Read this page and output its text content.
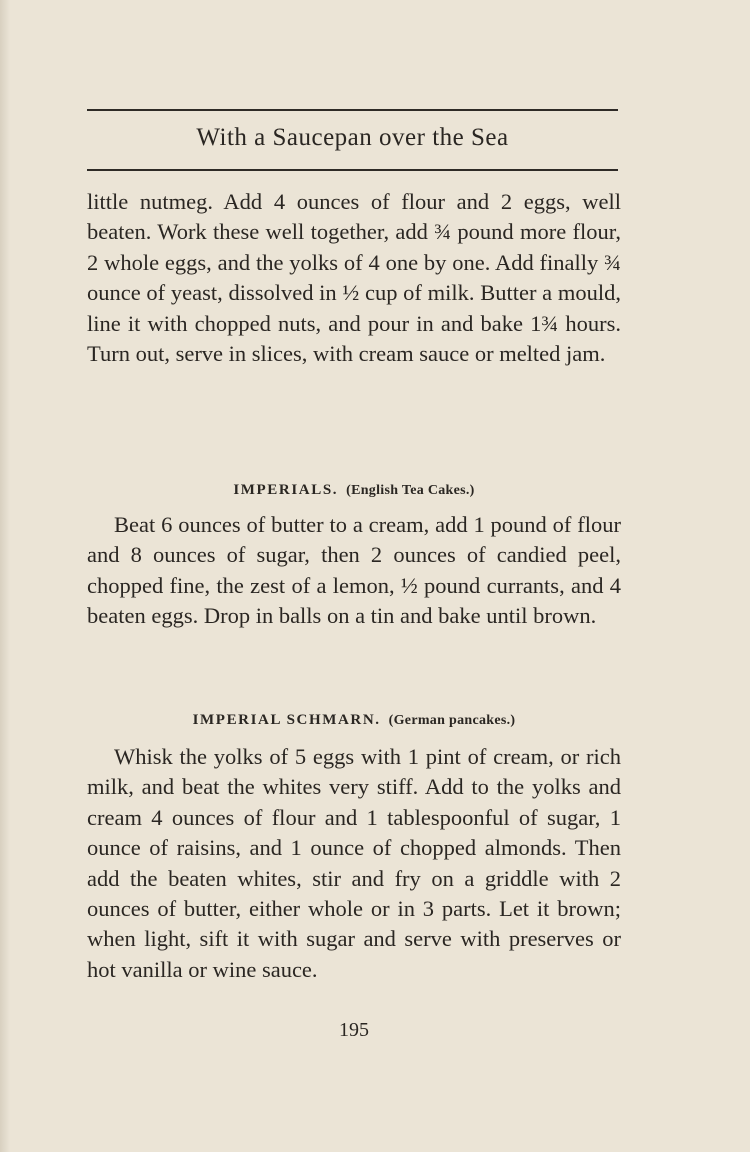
With a Saucepan over the Sea

little nutmeg. Add 4 ounces of flour and 2 eggs, well beaten. Work these well together, add ¾ pound more flour, 2 whole eggs, and the yolks of 4 one by one. Add finally ¾ ounce of yeast, dissolved in ½ cup of milk. Butter a mould, line it with chopped nuts, and pour in and bake 1¾ hours. Turn out, serve in slices, with cream sauce or melted jam.

IMPERIALS. (English Tea Cakes.)

Beat 6 ounces of butter to a cream, add 1 pound of flour and 8 ounces of sugar, then 2 ounces of candied peel, chopped fine, the zest of a lemon, ½ pound currants, and 4 beaten eggs. Drop in balls on a tin and bake until brown.

IMPERIAL SCHMARN. (German pancakes.)

Whisk the yolks of 5 eggs with 1 pint of cream, or rich milk, and beat the whites very stiff. Add to the yolks and cream 4 ounces of flour and 1 tablespoonful of sugar, 1 ounce of raisins, and 1 ounce of chopped almonds. Then add the beaten whites, stir and fry on a griddle with 2 ounces of butter, either whole or in 3 parts. Let it brown; when light, sift it with sugar and serve with preserves or hot vanilla or wine sauce.

195
